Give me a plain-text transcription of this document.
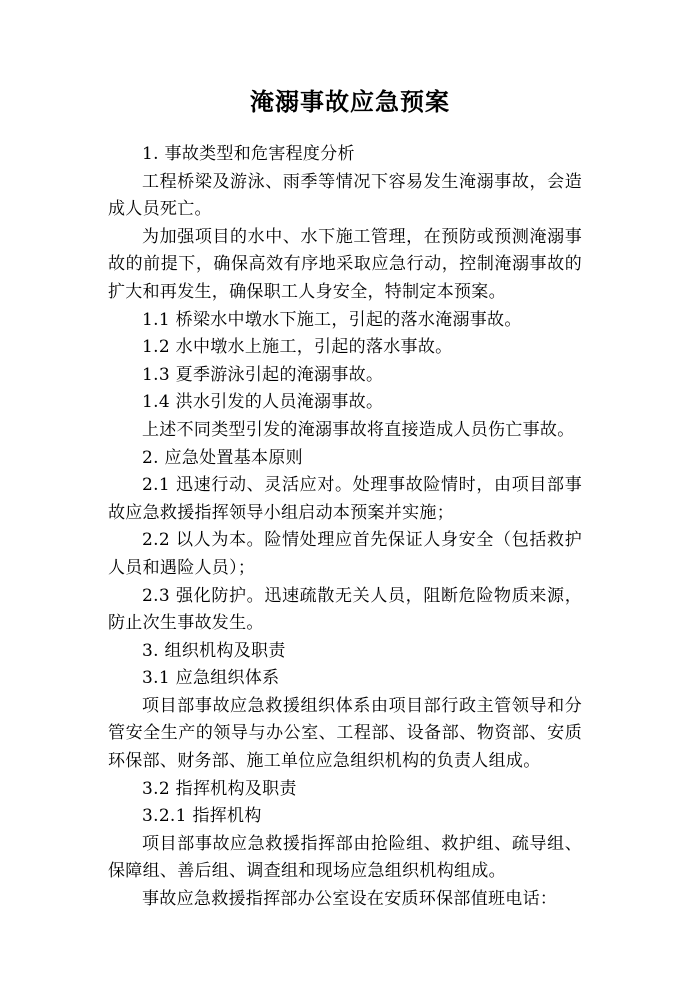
淹溺事故应急预案

1. 事故类型和危害程度分析

工程桥梁及游泳、雨季等情况下容易发生淹溺事故，会造成人员死亡。

为加强项目的水中、水下施工管理，在预防或预测淹溺事故的前提下，确保高效有序地采取应急行动，控制淹溺事故的扩大和再发生，确保职工人身安全，特制定本预案。

1.1 桥梁水中墩水下施工，引起的落水淹溺事故。

1.2 水中墩水上施工，引起的落水事故。

1.3 夏季游泳引起的淹溺事故。

1.4 洪水引发的人员淹溺事故。

上述不同类型引发的淹溺事故将直接造成人员伤亡事故。

2. 应急处置基本原则

2.1 迅速行动、灵活应对。处理事故险情时，由项目部事故应急救援指挥领导小组启动本预案并实施；

2.2 以人为本。险情处理应首先保证人身安全（包括救护人员和遇险人员）；

2.3 强化防护。迅速疏散无关人员，阻断危险物质来源，防止次生事故发生。

3. 组织机构及职责

3.1 应急组织体系

项目部事故应急救援组织体系由项目部行政主管领导和分管安全生产的领导与办公室、工程部、设备部、物资部、安质环保部、财务部、施工单位应急组织机构的负责人组成。

3.2 指挥机构及职责

3.2.1 指挥机构

项目部事故应急救援指挥部由抢险组、救护组、疏导组、保障组、善后组、调查组和现场应急组织机构组成。

事故应急救援指挥部办公室设在安质环保部值班电话：
